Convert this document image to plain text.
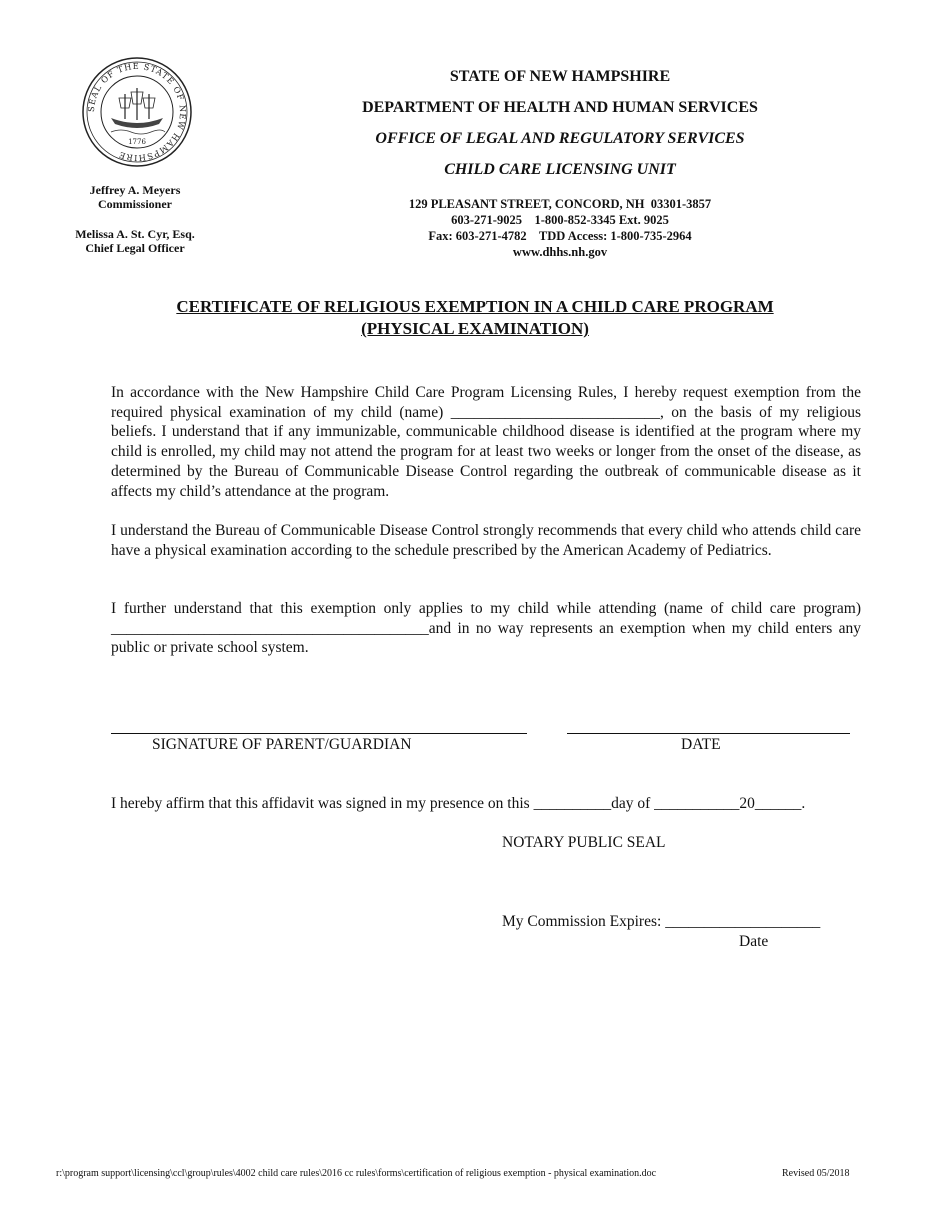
SEAL OF THE STATE OF NEW HAMPSHIRE
1776
Jeffrey A. Meyers
Commissioner
Melissa A. St. Cyr, Esq.
Chief Legal Officer
STATE OF NEW HAMPSHIRE
DEPARTMENT OF HEALTH AND HUMAN SERVICES
OFFICE OF LEGAL AND REGULATORY SERVICES
CHILD CARE LICENSING UNIT
129 PLEASANT STREET, CONCORD, NH  03301-3857
603-271-9025    1-800-852-3345 Ext. 9025
Fax: 603-271-4782    TDD Access: 1-800-735-2964
www.dhhs.nh.gov
CERTIFICATE OF RELIGIOUS EXEMPTION IN A CHILD CARE PROGRAM
(PHYSICAL EXAMINATION)
In accordance with the New Hampshire Child Care Program Licensing Rules, I hereby request exemption from the required physical examination of my child (name) ___________________________, on the basis of my religious beliefs. I understand that if any immunizable, communicable childhood disease is identified at the program where my child is enrolled, my child may not attend the program for at least two weeks or longer from the onset of the disease, as determined by the Bureau of Communicable Disease Control regarding the outbreak of communicable disease as it affects my child’s attendance at the program.
I understand the Bureau of Communicable Disease Control strongly recommends that every child who attends child care have a physical examination according to the schedule prescribed by the American Academy of Pediatrics.
I further understand that this exemption only applies to my child while attending (name of child care program) _________________________________________and in no way represents an exemption when my child enters any public or private school system.
SIGNATURE OF PARENT/GUARDIAN	DATE
I hereby affirm that this affidavit was signed in my presence on this __________day of ___________20______.
NOTARY PUBLIC SEAL
My Commission Expires: ____________________
Date
r:\program support\licensing\ccl\group\rules\4002 child care rules\2016 cc rules\forms\certification of religious exemption - physical examination.doc	Revised 05/2018
